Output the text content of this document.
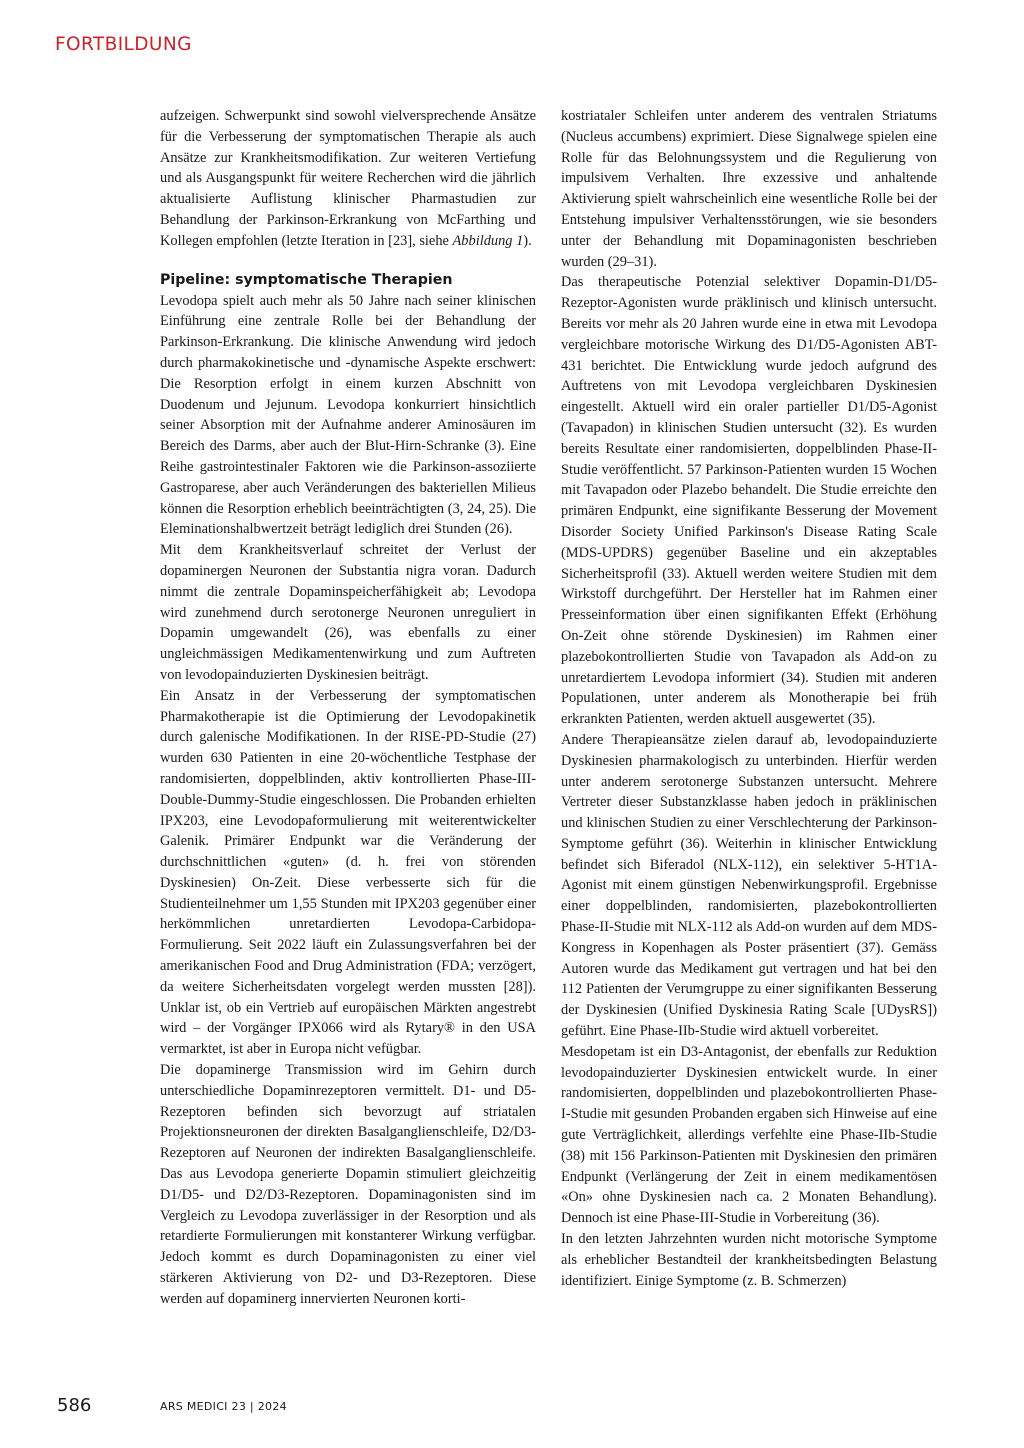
FORTBILDUNG

aufzeigen. Schwerpunkt sind sowohl vielversprechende Ansätze für die Verbesserung der symptomatischen Therapie als auch Ansätze zur Krankheitsmodifikation. Zur weiteren Vertiefung und als Ausgangspunkt für weitere Recherchen wird die jährlich aktualisierte Auflistung klinischer Pharmastudien zur Behandlung der Parkinson-Erkrankung von McFarthing und Kollegen empfohlen (letzte Iteration in [23], siehe Abbildung 1).

Pipeline: symptomatische Therapien

Levodopa spielt auch mehr als 50 Jahre nach seiner klinischen Einführung eine zentrale Rolle bei der Behandlung der Parkinson-Erkrankung. Die klinische Anwendung wird jedoch durch pharmakokinetische und -dynamische Aspekte erschwert: Die Resorption erfolgt in einem kurzen Abschnitt von Duodenum und Jejunum. Levodopa konkurriert hinsichtlich seiner Absorption mit der Aufnahme anderer Aminosäuren im Bereich des Darms, aber auch der Blut-Hirn-Schranke (3). Eine Reihe gastrointestinaler Faktoren wie die Parkinson-assoziierte Gastroparese, aber auch Veränderungen des bakteriellen Milieus können die Resorption erheblich beeinträchtigten (3, 24, 25). Die Eleminationshalbwertzeit beträgt lediglich drei Stunden (26).

Mit dem Krankheitsverlauf schreitet der Verlust der dopaminergen Neuronen der Substantia nigra voran. Dadurch nimmt die zentrale Dopaminspeicherfähigkeit ab; Levodopa wird zunehmend durch serotonerge Neuronen unreguliert in Dopamin umgewandelt (26), was ebenfalls zu einer ungleichmässigen Medikamentenwirkung und zum Auftreten von levodopainduzierten Dyskinesien beiträgt.

Ein Ansatz in der Verbesserung der symptomatischen Pharmakotherapie ist die Optimierung der Levodopakinetik durch galenische Modifikationen. In der RISE-PD-Studie (27) wurden 630 Patienten in eine 20-wöchentliche Testphase der randomisierten, doppelblinden, aktiv kontrollierten Phase-III-Double-Dummy-Studie eingeschlossen. Die Probanden erhielten IPX203, eine Levodopaformulierung mit weiterentwickelter Galenik. Primärer Endpunkt war die Veränderung der durchschnittlichen «guten» (d. h. frei von störenden Dyskinesien) On-Zeit. Diese verbesserte sich für die Studienteilnehmer um 1,55 Stunden mit IPX203 gegenüber einer herkömmlichen unretardierten Levodopa-Carbidopa-Formulierung. Seit 2022 läuft ein Zulassungsverfahren bei der amerikanischen Food and Drug Administration (FDA; verzögert, da weitere Sicherheitsdaten vorgelegt werden mussten [28]). Unklar ist, ob ein Vertrieb auf europäischen Märkten angestrebt wird – der Vorgänger IPX066 wird als Rytary® in den USA vermarktet, ist aber in Europa nicht vefügbar.

Die dopaminerge Transmission wird im Gehirn durch unterschiedliche Dopaminrezeptoren vermittelt. D1- und D5-Rezeptoren befinden sich bevorzugt auf striatalen Projektionsneuronen der direkten Basalganglienschleife, D2/D3-Rezeptoren auf Neuronen der indirekten Basalganglienschleife. Das aus Levodopa generierte Dopamin stimuliert gleichzeitig D1/D5- und D2/D3-Rezeptoren. Dopaminagonisten sind im Vergleich zu Levodopa zuverlässiger in der Resorption und als retardierte Formulierungen mit konstanterer Wirkung verfügbar. Jedoch kommt es durch Dopaminagonisten zu einer viel stärkeren Aktivierung von D2- und D3-Rezeptoren. Diese werden auf dopaminerg innervierten Neuronen korti-

kostriataler Schleifen unter anderem des ventralen Striatums (Nucleus accumbens) exprimiert. Diese Signalwege spielen eine Rolle für das Belohnungssystem und die Regulierung von impulsivem Verhalten. Ihre exzessive und anhaltende Aktivierung spielt wahrscheinlich eine wesentliche Rolle bei der Entstehung impulsiver Verhaltensstörungen, wie sie besonders unter der Behandlung mit Dopaminagonisten beschrieben wurden (29–31).

Das therapeutische Potenzial selektiver Dopamin-D1/D5-Rezeptor-Agonisten wurde präklinisch und klinisch untersucht. Bereits vor mehr als 20 Jahren wurde eine in etwa mit Levodopa vergleichbare motorische Wirkung des D1/D5-Agonisten ABT-431 berichtet. Die Entwicklung wurde jedoch aufgrund des Auftretens von mit Levodopa vergleichbaren Dyskinesien eingestellt. Aktuell wird ein oraler partieller D1/D5-Agonist (Tavapadon) in klinischen Studien untersucht (32). Es wurden bereits Resultate einer randomisierten, doppelblinden Phase-II-Studie veröffentlicht. 57 Parkinson-Patienten wurden 15 Wochen mit Tavapadon oder Plazebo behandelt. Die Studie erreichte den primären Endpunkt, eine signifikante Besserung der Movement Disorder Society Unified Parkinson's Disease Rating Scale (MDS-UPDRS) gegenüber Baseline und ein akzeptables Sicherheitsprofil (33). Aktuell werden weitere Studien mit dem Wirkstoff durchgeführt. Der Hersteller hat im Rahmen einer Presseinformation über einen signifikanten Effekt (Erhöhung On-Zeit ohne störende Dyskinesien) im Rahmen einer plazebokontrollierten Studie von Tavapadon als Add-on zu unretardiertem Levodopa informiert (34). Studien mit anderen Populationen, unter anderem als Monotherapie bei früh erkrankten Patienten, werden aktuell ausgewertet (35).

Andere Therapieansätze zielen darauf ab, levodopainduzierte Dyskinesien pharmakologisch zu unterbinden. Hierfür werden unter anderem serotonerge Substanzen untersucht. Mehrere Vertreter dieser Substanzklasse haben jedoch in präklinischen und klinischen Studien zu einer Verschlechterung der Parkinson-Symptome geführt (36). Weiterhin in klinischer Entwicklung befindet sich Biferadol (NLX-112), ein selektiver 5-HT1A-Agonist mit einem günstigen Nebenwirkungsprofil. Ergebnisse einer doppelblinden, randomisierten, plazebokontrollierten Phase-II-Studie mit NLX-112 als Add-on wurden auf dem MDS-Kongress in Kopenhagen als Poster präsentiert (37). Gemäss Autoren wurde das Medikament gut vertragen und hat bei den 112 Patienten der Verumgruppe zu einer signifikanten Besserung der Dyskinesien (Unified Dyskinesia Rating Scale [UDysRS]) geführt. Eine Phase-IIb-Studie wird aktuell vorbereitet.

Mesdopetam ist ein D3-Antagonist, der ebenfalls zur Reduktion levodopainduzierter Dyskinesien entwickelt wurde. In einer randomisierten, doppelblinden und plazebokontrollierten Phase-I-Studie mit gesunden Probanden ergaben sich Hinweise auf eine gute Verträglichkeit, allerdings verfehlte eine Phase-IIb-Studie (38) mit 156 Parkinson-Patienten mit Dyskinesien den primären Endpunkt (Verlängerung der Zeit in einem medikamentösen «On» ohne Dyskinesien nach ca. 2 Monaten Behandlung). Dennoch ist eine Phase-III-Studie in Vorbereitung (36).

In den letzten Jahrzehnten wurden nicht motorische Symptome als erheblicher Bestandteil der krankheitsbedingten Belastung identifiziert. Einige Symptome (z. B. Schmerzen)

586	ARS MEDICI 23 | 2024
